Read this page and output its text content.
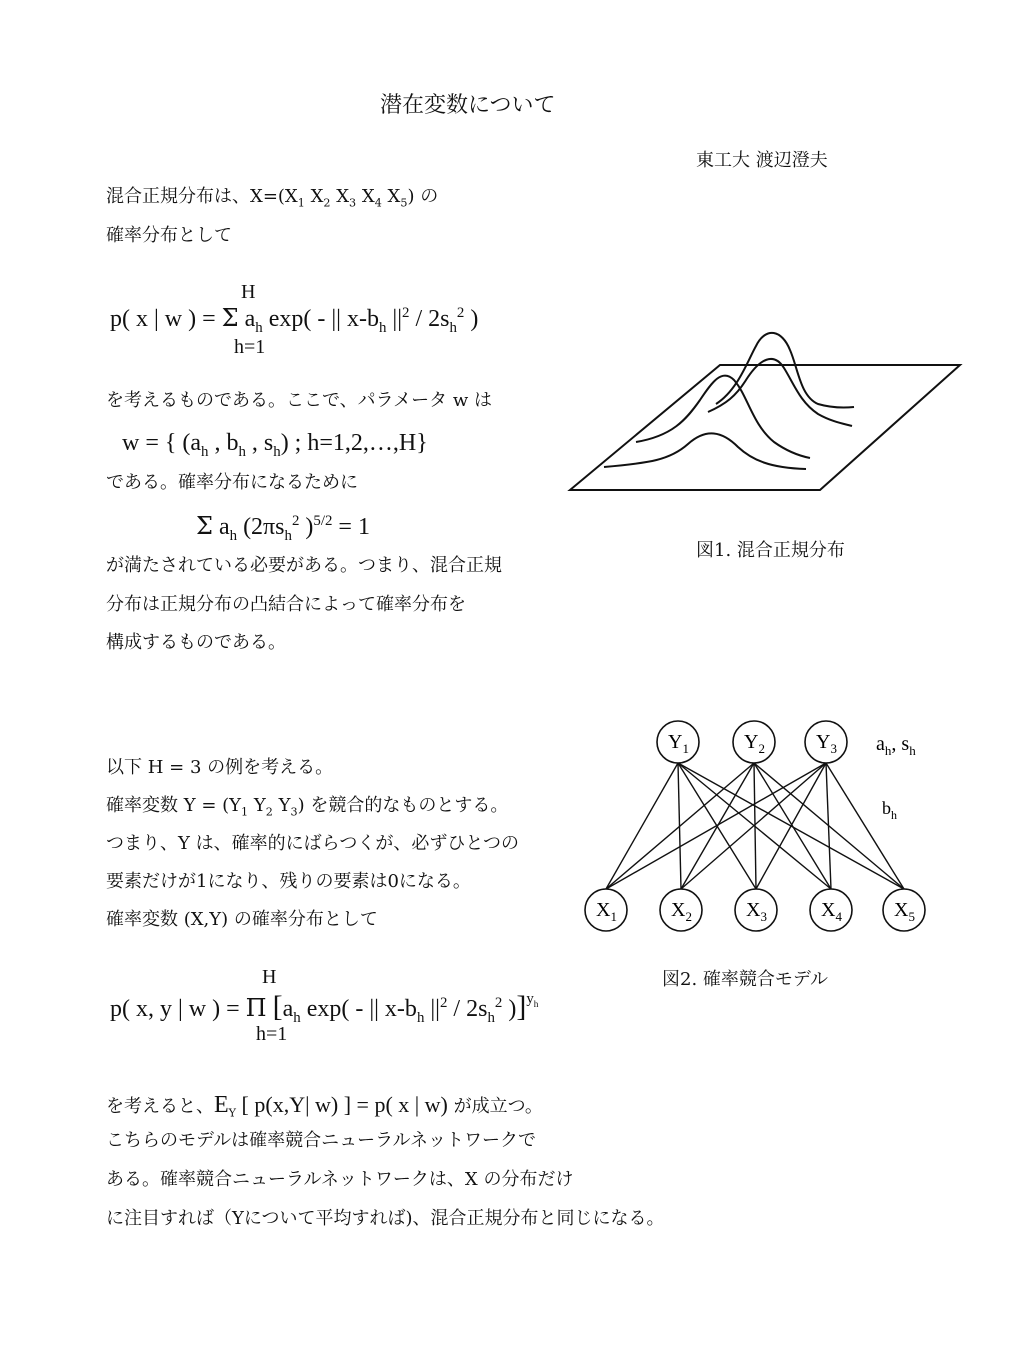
潜在変数について
東工大 渡辺澄夫
混合正規分布は、$X=(X_1$ $X_2$ $X_3$ $X_4$ $X_5$) の
確率分布として
H
p( x | w ) = Σ $a_h$ exp( - || $x-b_h$ $||^2 / 2s_h^2$ )
h=1
を考えるものである。ここで、パラメータ w は
w = { ($a_h$ , $b_h$ , $s_h$) ; h=1,2,…,H}
である。確率分布になるために
Σ $a_h$ ($2\pi s_h^2$ )$^{5/2}$ = 1
が満たされている必要がある。つまり、混合正規
分布は正規分布の凸結合によって確率分布を
構成するものである。
図1. 混合正規分布
以下 H = 3 の例を考える。
確率変数 $Y = (Y_1$ $Y_2$ $Y_3$) を競合的なものとする。
つまり、Y は、確率的にばらつくが、必ずひとつの
要素だけが1になり、残りの要素は0になる。
確率変数 (X,Y) の確率分布として
$Y_1$	$Y_2$	$Y_3$
$X_1$	$X_2$	$X_3$	$X_4$	$X_5$
$a_h$, $s_h$
$b_h$
図2. 確率競合モデル
H
p( x, y | w ) = Π [$a_h$ exp( - || $x-b_h$ $||^2 / 2s_h^2$ )]$^{y_h}$
h=1
を考えると、$E_Y$ [ p(x,Y| w) ] = p( x | w) が成立つ。
こちらのモデルは確率競合ニューラルネットワークで
ある。確率競合ニューラルネットワークは、X の分布だけ
に注目すれば（Yについて平均すれば)、混合正規分布と同じになる。
